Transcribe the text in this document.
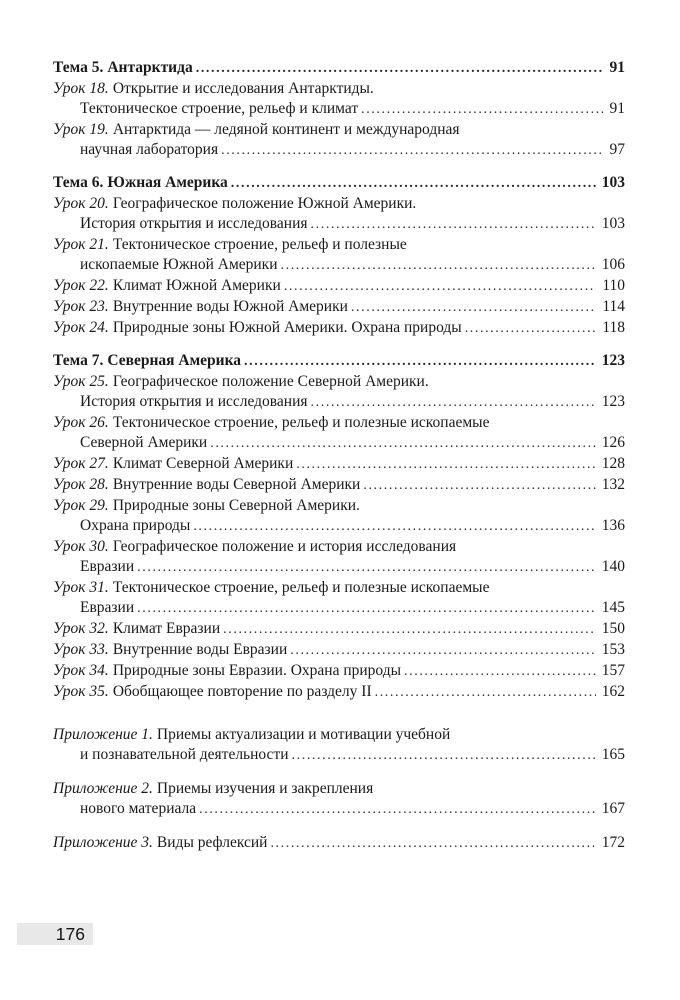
Тема 5. Антарктида .....	91
Урок 18. Открытие и исследования Антарктиды.
Тектоническое строение, рельеф и климат .....	91
Урок 19. Антарктида — ледяной континент и международная
научная лаборатория .....	97
Тема 6. Южная Америка .....	103
Урок 20. Географическое положение Южной Америки.
История открытия и исследования .....	103
Урок 21. Тектоническое строение, рельеф и полезные
ископаемые Южной Америки .....	106
Урок 22. Климат Южной Америки .....	110
Урок 23. Внутренние воды Южной Америки .....	114
Урок 24. Природные зоны Южной Америки. Охрана природы .....	118
Тема 7. Северная Америка .....	123
Урок 25. Географическое положение Северной Америки.
История открытия и исследования .....	123
Урок 26. Тектоническое строение, рельеф и полезные ископаемые
Северной Америки .....	126
Урок 27. Климат Северной Америки .....	128
Урок 28. Внутренние воды Северной Америки .....	132
Урок 29. Природные зоны Северной Америки.
Охрана природы .....	136
Урок 30. Географическое положение и история исследования
Евразии .....	140
Урок 31. Тектоническое строение, рельеф и полезные ископаемые
Евразии .....	145
Урок 32. Климат Евразии .....	150
Урок 33. Внутренние воды Евразии .....	153
Урок 34. Природные зоны Евразии. Охрана природы .....	157
Урок 35. Обобщающее повторение по разделу II .....	162
Приложение 1. Приемы актуализации и мотивации учебной
и познавательной деятельности .....	165
Приложение 2. Приемы изучения и закрепления
нового материала .....	167
Приложение 3. Виды рефлексий .....	172
176
